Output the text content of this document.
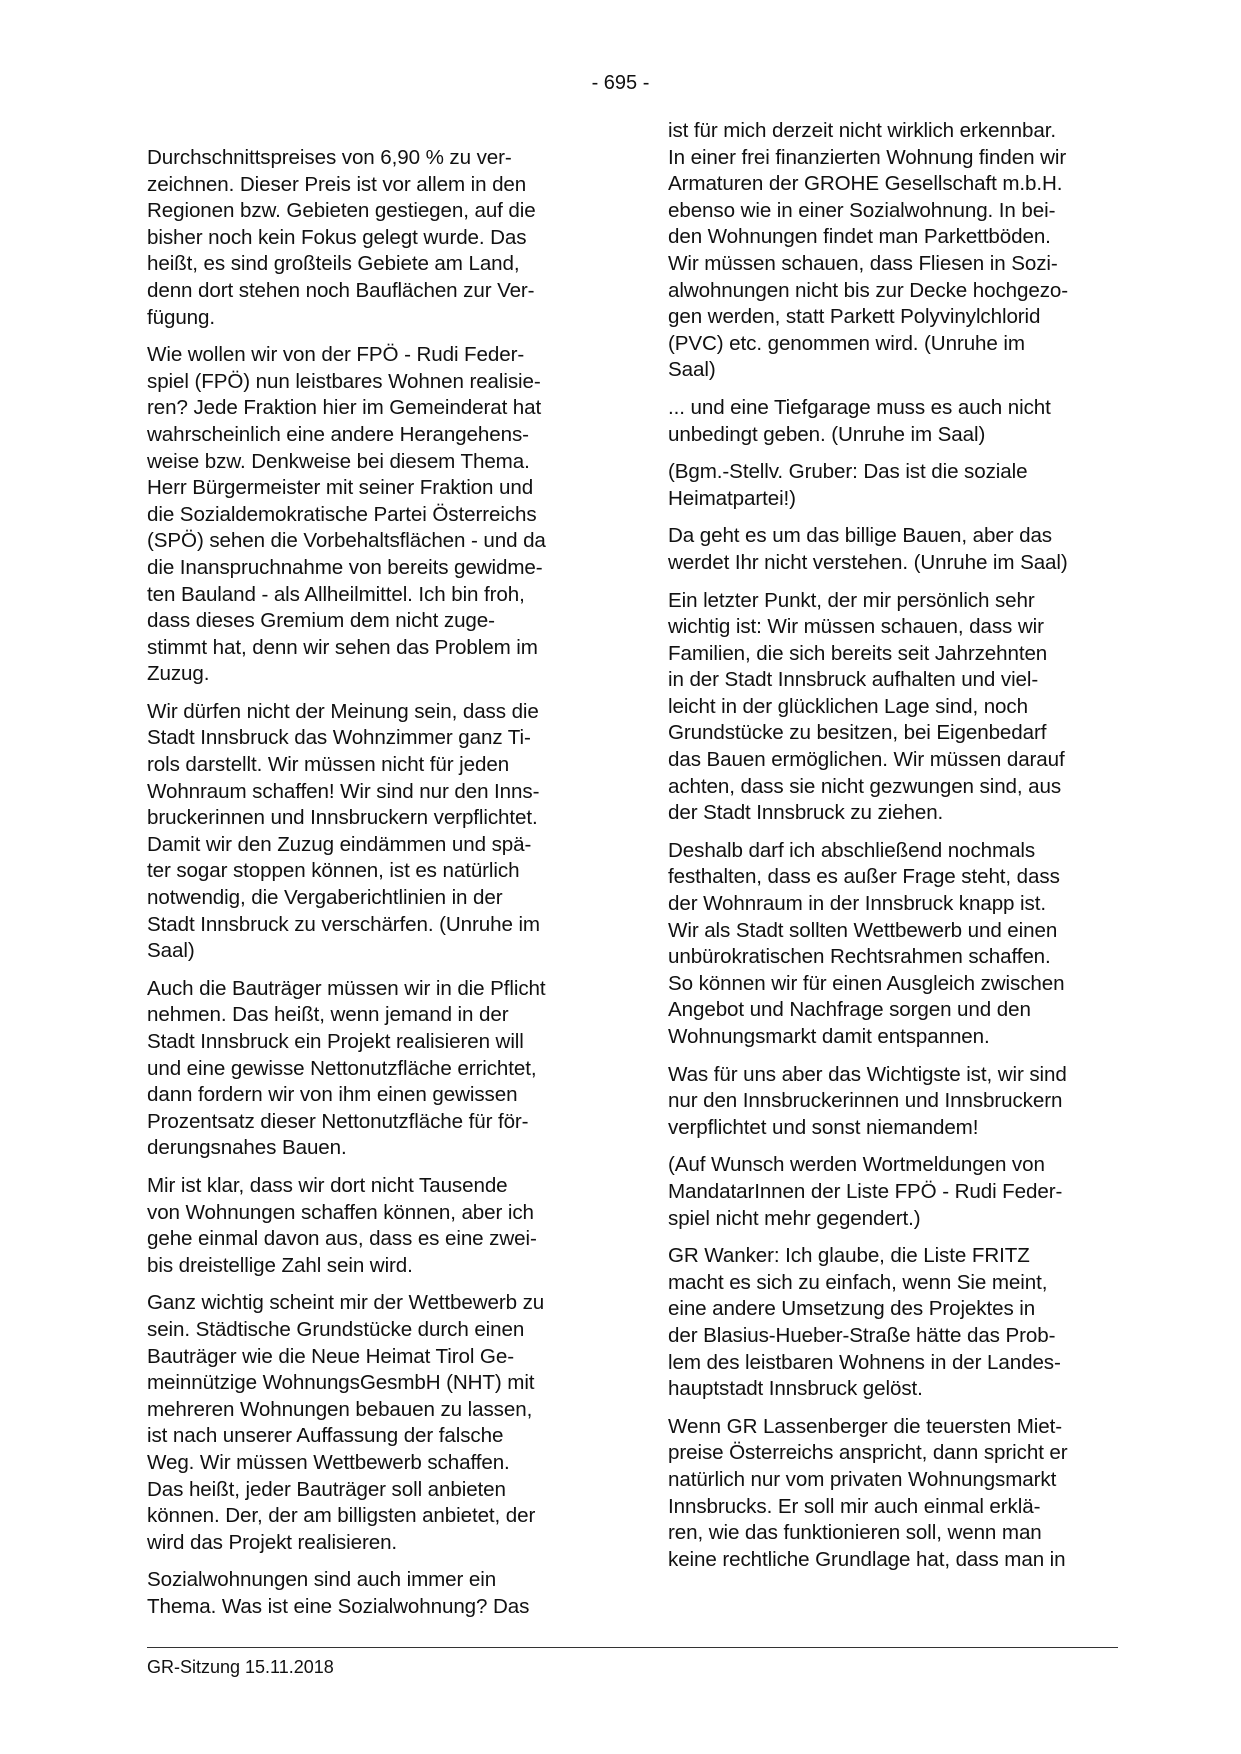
- 695 -

Durchschnittspreises von 6,90 % zu ver-
zeichnen. Dieser Preis ist vor allem in den
Regionen bzw. Gebieten gestiegen, auf die
bisher noch kein Fokus gelegt wurde. Das
heißt, es sind großteils Gebiete am Land,
denn dort stehen noch Bauflächen zur Ver-
fügung.

Wie wollen wir von der FPÖ - Rudi Feder-
spiel (FPÖ) nun leistbares Wohnen realisie-
ren? Jede Fraktion hier im Gemeinderat hat
wahrscheinlich eine andere Herangehens-
weise bzw. Denkweise bei diesem Thema.
Herr Bürgermeister mit seiner Fraktion und
die Sozialdemokratische Partei Österreichs
(SPÖ) sehen die Vorbehaltsflächen - und da
die Inanspruchnahme von bereits gewidme-
ten Bauland - als Allheilmittel. Ich bin froh,
dass dieses Gremium dem nicht zuge-
stimmt hat, denn wir sehen das Problem im
Zuzug.

Wir dürfen nicht der Meinung sein, dass die
Stadt Innsbruck das Wohnzimmer ganz Ti-
rols darstellt. Wir müssen nicht für jeden
Wohnraum schaffen! Wir sind nur den Inns-
bruckerinnen und Innsbruckern verpflichtet.
Damit wir den Zuzug eindämmen und spä-
ter sogar stoppen können, ist es natürlich
notwendig, die Vergaberichtlinien in der
Stadt Innsbruck zu verschärfen. (Unruhe im
Saal)

Auch die Bauträger müssen wir in die Pflicht
nehmen. Das heißt, wenn jemand in der
Stadt Innsbruck ein Projekt realisieren will
und eine gewisse Nettonutzfläche errichtet,
dann fordern wir von ihm einen gewissen
Prozentsatz dieser Nettonutzfläche für för-
derungsnahes Bauen.

Mir ist klar, dass wir dort nicht Tausende
von Wohnungen schaffen können, aber ich
gehe einmal davon aus, dass es eine zwei-
bis dreistellige Zahl sein wird.

Ganz wichtig scheint mir der Wettbewerb zu
sein. Städtische Grundstücke durch einen
Bauträger wie die Neue Heimat Tirol Ge-
meinnützige WohnungsGesmbH (NHT) mit
mehreren Wohnungen bebauen zu lassen,
ist nach unserer Auffassung der falsche
Weg. Wir müssen Wettbewerb schaffen.
Das heißt, jeder Bauträger soll anbieten
können. Der, der am billigsten anbietet, der
wird das Projekt realisieren.

Sozialwohnungen sind auch immer ein
Thema. Was ist eine Sozialwohnung? Das

ist für mich derzeit nicht wirklich erkennbar.
In einer frei finanzierten Wohnung finden wir
Armaturen der GROHE Gesellschaft m.b.H.
ebenso wie in einer Sozialwohnung. In bei-
den Wohnungen findet man Parkettböden.
Wir müssen schauen, dass Fliesen in Sozi-
alwohnungen nicht bis zur Decke hochgezo-
gen werden, statt Parkett Polyvinylchlorid
(PVC) etc. genommen wird. (Unruhe im
Saal)

... und eine Tiefgarage muss es auch nicht
unbedingt geben. (Unruhe im Saal)

(Bgm.-Stellv. Gruber: Das ist die soziale
Heimatpartei!)

Da geht es um das billige Bauen, aber das
werdet Ihr nicht verstehen. (Unruhe im Saal)

Ein letzter Punkt, der mir persönlich sehr
wichtig ist: Wir müssen schauen, dass wir
Familien, die sich bereits seit Jahrzehnten
in der Stadt Innsbruck aufhalten und viel-
leicht in der glücklichen Lage sind, noch
Grundstücke zu besitzen, bei Eigenbedarf
das Bauen ermöglichen. Wir müssen darauf
achten, dass sie nicht gezwungen sind, aus
der Stadt Innsbruck zu ziehen.

Deshalb darf ich abschließend nochmals
festhalten, dass es außer Frage steht, dass
der Wohnraum in der Innsbruck knapp ist.
Wir als Stadt sollten Wettbewerb und einen
unbürokratischen Rechtsrahmen schaffen.
So können wir für einen Ausgleich zwischen
Angebot und Nachfrage sorgen und den
Wohnungsmarkt damit entspannen.

Was für uns aber das Wichtigste ist, wir sind
nur den Innsbruckerinnen und Innsbruckern
verpflichtet und sonst niemandem!

(Auf Wunsch werden Wortmeldungen von
MandatarInnen der Liste FPÖ - Rudi Feder-
spiel nicht mehr gegendert.)

GR Wanker: Ich glaube, die Liste FRITZ
macht es sich zu einfach, wenn Sie meint,
eine andere Umsetzung des Projektes in
der Blasius-Hueber-Straße hätte das Prob-
lem des leistbaren Wohnens in der Landes-
hauptstadt Innsbruck gelöst.

Wenn GR Lassenberger die teuersten Miet-
preise Österreichs anspricht, dann spricht er
natürlich nur vom privaten Wohnungsmarkt
Innsbrucks. Er soll mir auch einmal erklä-
ren, wie das funktionieren soll, wenn man
keine rechtliche Grundlage hat, dass man in

GR-Sitzung 15.11.2018
